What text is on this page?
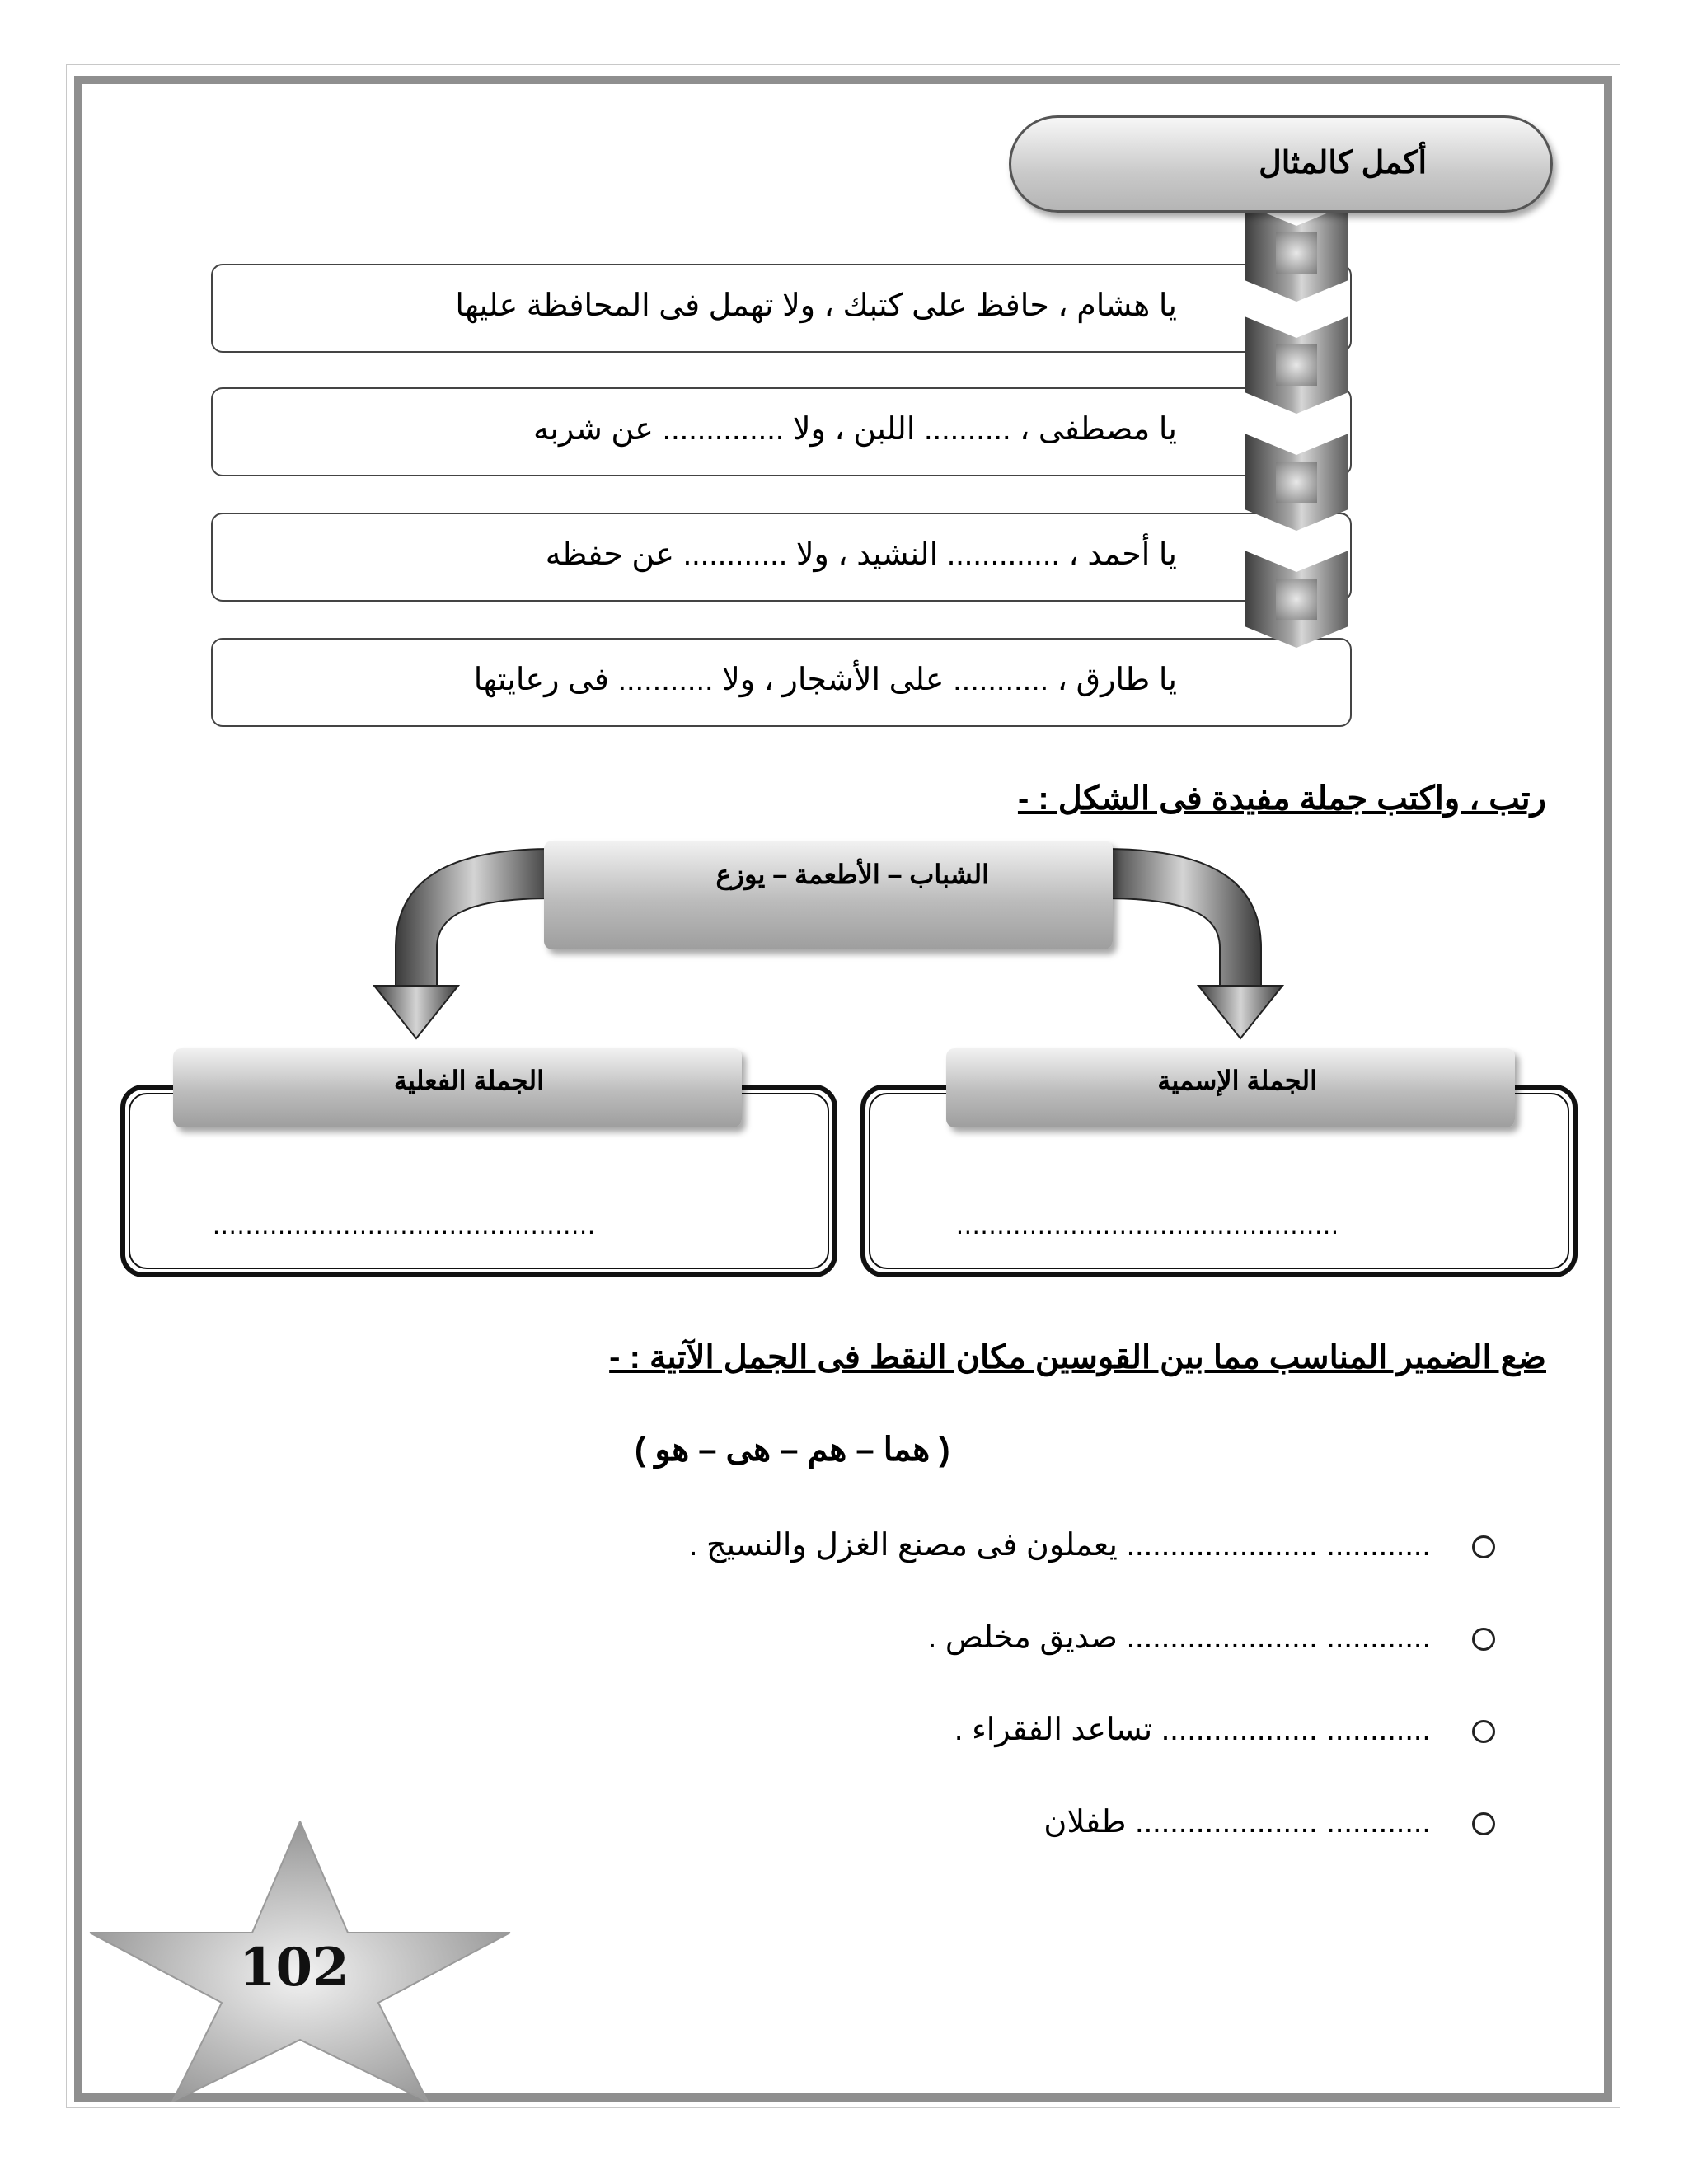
يا هشام ، حافظ على كتبك ، ولا تهمل فى المحافظة عليها
يا مصطفى ، .......... اللبن ، ولا .............. عن شربه
يا أحمد ، ............. النشيد ، ولا ............ عن حفظه
يا طارق ، ........... على الأشجار ، ولا ........... فى رعايتها
أكمل كالمثال
رتب ، واكتب جملة مفيدة فى الشكل : -
الشباب – الأطعمة – يوزع
الجملة الفعلية	الجملة الإسمية
...............................................	...............................................
ضع الضمير المناسب مما بين القوسين مكان النقط فى الجمل الآتية : -
( هما – هم – هى – هو )
............ ...................... يعملون فى مصنع الغزل والنسيج .
............ ...................... صديق مخلص .
............ .................. تساعد الفقراء .
............ ..................... طفلان
102
